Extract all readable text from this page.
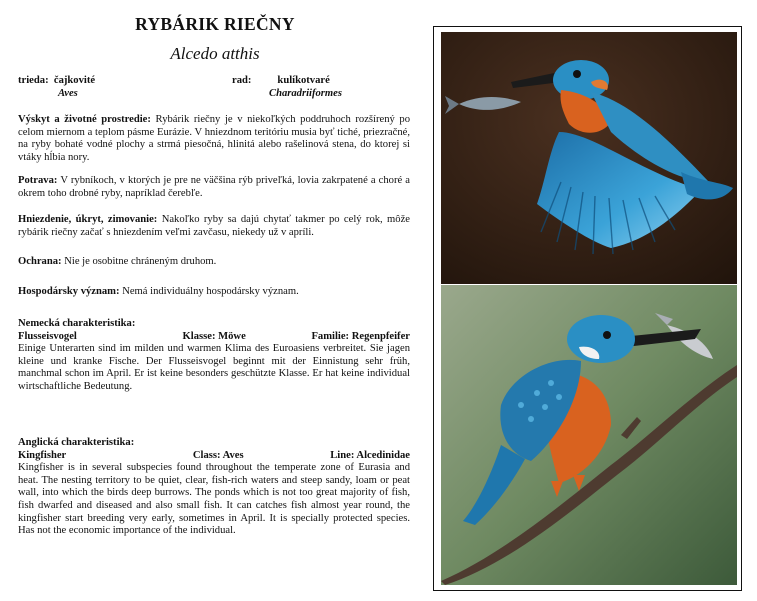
RYBÁRIK RIEČNY
Alcedo atthis
trieda: čajkovité
Aves
rad: kulíkotvaré
Charadriiformes

Výskyt a životné prostredie: Rybárik riečny je v niekoľkých poddruhoch rozšírený po celom miernom a teplom pásme Eurázie. V hniezdnom teritóriu musia byť tiché, priezračné, na ryby bohaté vodné plochy a strmá piesočná, hlinitá alebo rašelinová stena, do ktorej si vtáky hĺbia nory.

Potrava: V rybníkoch, v ktorých je pre ne väčšina rýb priveľká, lovia zakrpatené a choré a okrem toho drobné ryby, napríklad čerebľe.

Hniezdenie, úkryt, zimovanie: Nakoľko ryby sa dajú chytať takmer po celý rok, môže rybárik riečny začať s hniezdením veľmi zavčasu, niekedy už v apríli.

Ochrana: Nie je osobitne chráneným druhom.

Hospodársky význam: Nemá individuálny hospodársky význam.

Nemecká charakteristika:
Flusseisvogel	Klasse: Möwe	Familie: Regenpfeifer

Einige Unterarten sind im milden und warmen Klima des Euroasiens verbreitet. Sie jagen kleine und kranke Fische. Der Flusseisvogel beginnt mit der Einnistung sehr früh, manchmal schon im April. Er ist keine besonders geschützte Klasse. Er hat keine individual wirtschaftliche Bedeutung.

Anglická charakteristika:
Kingfisher	Class: Aves	Line: Alcedinidae

Kingfisher is in several subspecies found throughout the temperate zone of Eurasia and heat. The nesting territory to be quiet, clear, fish-rich waters and steep sandy, loam or peat wall, into which the birds deep burrows. The ponds which is not too great majority of fish, fish dwarfed and diseased and also small fish. It can catches fish almost year round, the kingfisher start breeding very early, sometimes in April. It is specially protected species. Has not the economic importance of the individual.
